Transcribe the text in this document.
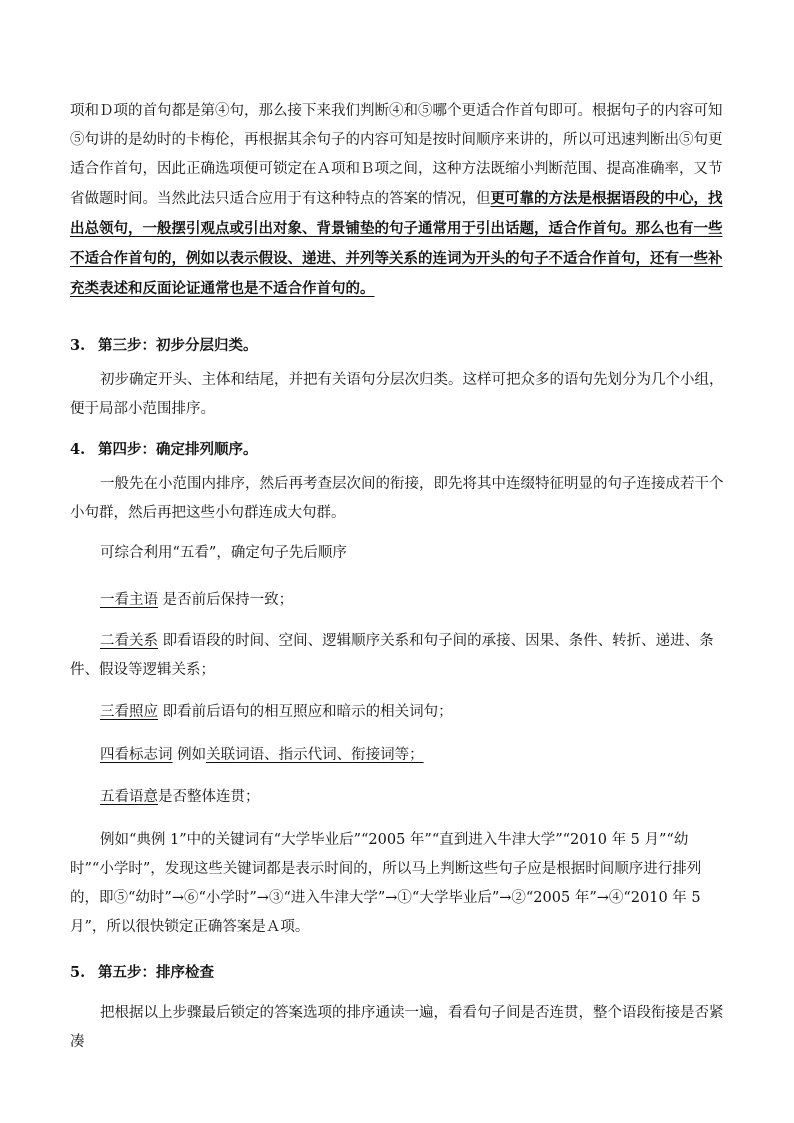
项和Ｄ项的首句都是第④句，那么接下来我们判断④和⑤哪个更适合作首句即可。根据句子的内容可知⑤句讲的是幼时的卡梅伦，再根据其余句子的内容可知是按时间顺序来讲的，所以可迅速判断出⑤句更适合作首句，因此正确选项便可锁定在Ａ项和Ｂ项之间，这种方法既缩小判断范围、提高准确率，又节省做题时间。当然此法只适合应用于有这种特点的答案的情况，但更可靠的方法是根据语段的中心，找出总领句，一般摆引观点或引出对象、背景铺垫的句子通常用于引出话题，适合作首句。那么也有一些不适合作首句的，例如以表示假设、递进、并列等关系的连词为开头的句子不适合作首句，还有一些补充类表述和反面论证通常也是不适合作首句的。

3. 第三步：初步分层归类。

初步确定开头、主体和结尾，并把有关语句分层次归类。这样可把众多的语句先划分为几个小组，便于局部小范围排序。

4. 第四步：确定排列顺序。

一般先在小范围内排序，然后再考查层次间的衔接，即先将其中连缀特征明显的句子连接成若干个小句群，然后再把这些小句群连成大句群。

可综合利用“五看”，确定句子先后顺序

一看主语 是否前后保持一致；

二看关系 即看语段的时间、空间、逻辑顺序关系和句子间的承接、因果、条件、转折、递进、条件、假设等逻辑关系；

三看照应 即看前后语句的相互照应和暗示的相关词句；

四看标志词 例如关联词语、指示代词、衔接词等；

五看语意是否整体连贯；

例如“典例 1”中的关键词有“大学毕业后”“2005 年”“直到进入牛津大学”“2010 年 5 月”“幼时”“小学时”，发现这些关键词都是表示时间的，所以马上判断这些句子应是根据时间顺序进行排列的，即⑤“幼时”→⑥“小学时”→③“进入牛津大学”→①“大学毕业后”→②“2005 年”→④“2010 年 5 月”，所以很快锁定正确答案是Ａ项。

5. 第五步：排序检查

把根据以上步骤最后锁定的答案选项的排序通读一遍，看看句子间是否连贯，整个语段衔接是否紧凑
